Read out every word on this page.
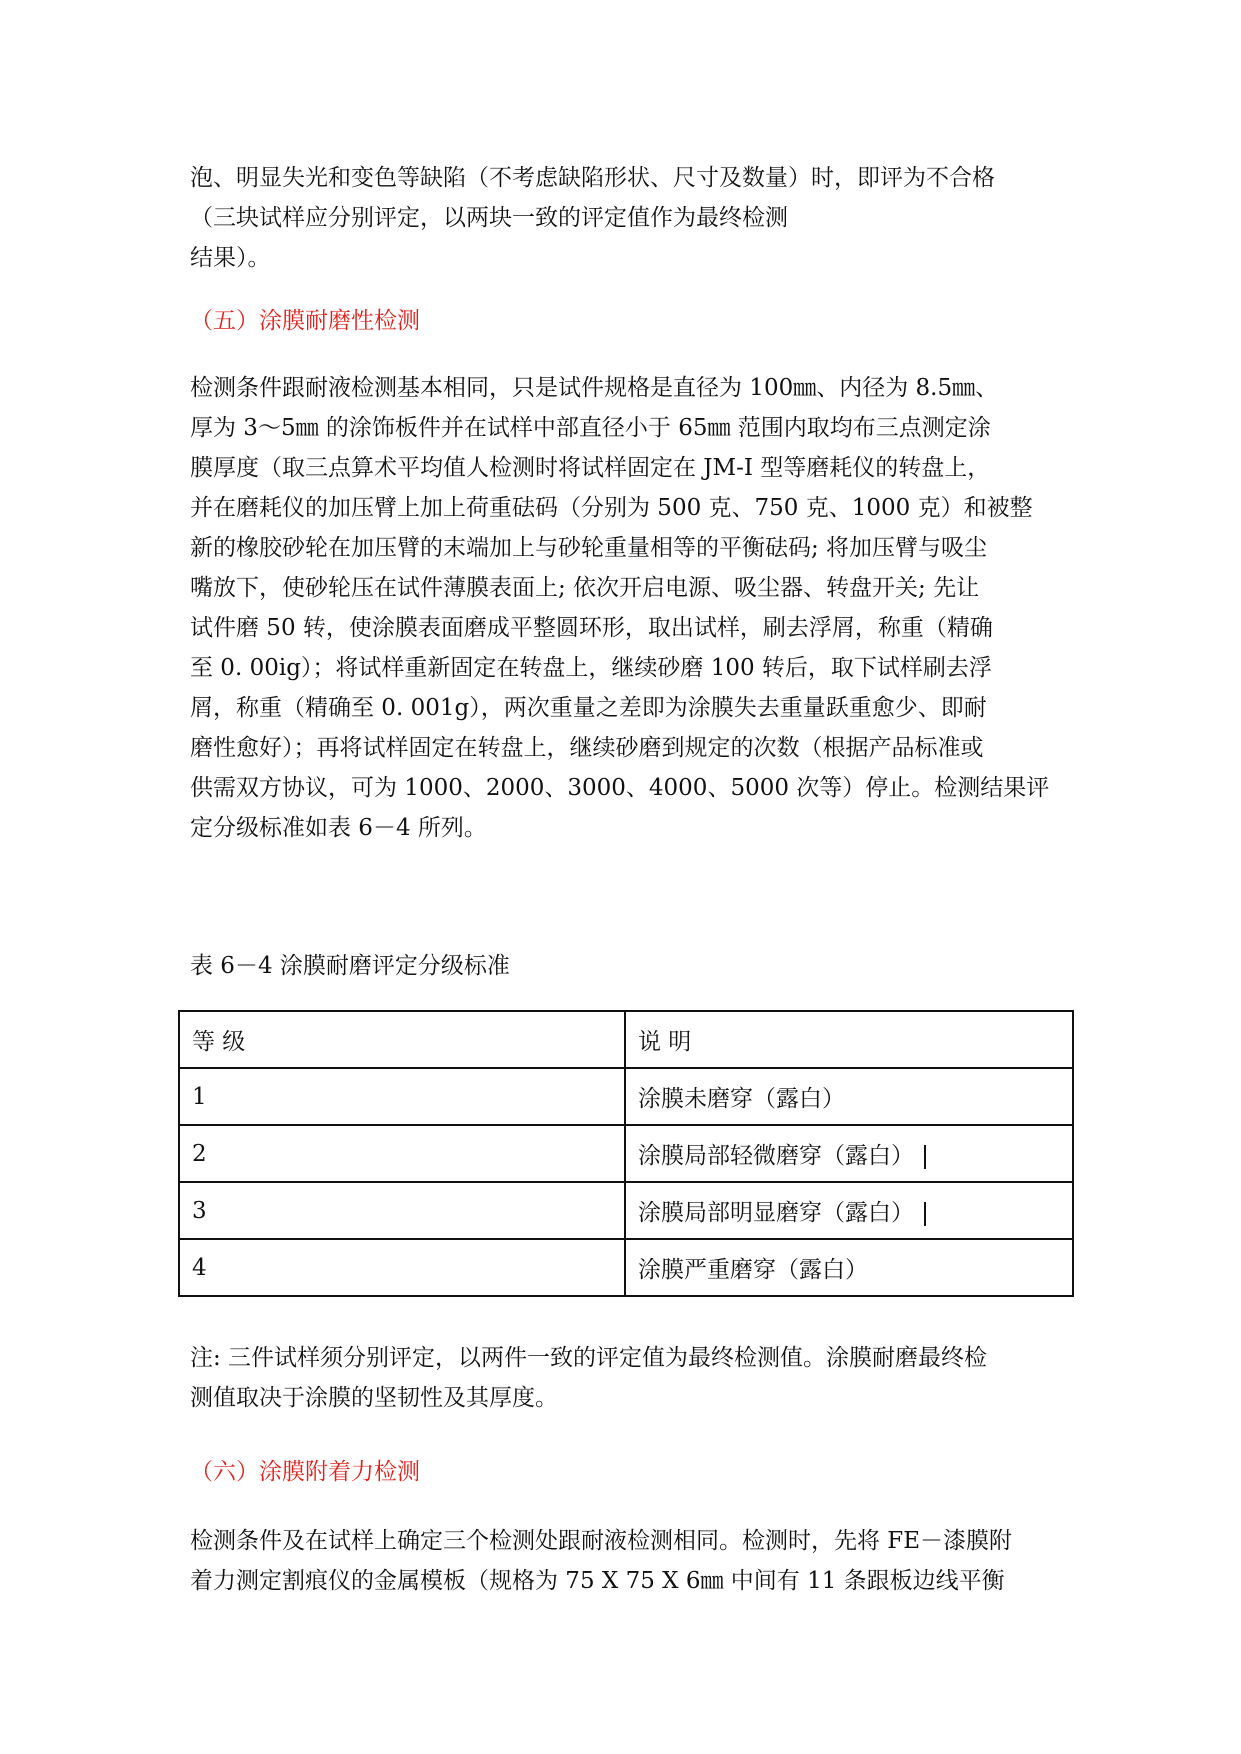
泡、明显失光和变色等缺陷（不考虑缺陷形状、尺寸及数量）时，即评为不合格
（三块试样应分别评定，以两块一致的评定值作为最终检测

结果）。

（五）涂膜耐磨性检测

检测条件跟耐液检测基本相同，只是试件规格是直径为 100㎜、内径为 8.5㎜、
厚为 3～5㎜ 的涂饰板件并在试样中部直径小于 65㎜ 范围内取均布三点测定涂
膜厚度（取三点算术平均值人检测时将试样固定在 JM-I 型等磨耗仪的转盘上，
并在磨耗仪的加压臂上加上荷重砝码（分别为 500 克、750 克、1000 克）和被整
新的橡胶砂轮在加压臂的末端加上与砂轮重量相等的平衡砝码; 将加压臂与吸尘
嘴放下，使砂轮压在试件薄膜表面上; 依次开启电源、吸尘器、转盘开关; 先让
试件磨 50 转，使涂膜表面磨成平整圆环形，取出试样，刷去浮屑，称重（精确
至 0. 00ig）；将试样重新固定在转盘上，继续砂磨 100 转后，取下试样刷去浮
屑，称重（精确至 0. 001g），两次重量之差即为涂膜失去重量跃重愈少、即耐
磨性愈好）；再将试样固定在转盘上，继续砂磨到规定的次数（根据产品标准或
供需双方协议，可为 1000、2000、3000、4000、5000 次等）停止。检测结果评
定分级标准如表 6－4 所列。

表 6－4 涂膜耐磨评定分级标准

等 级	说 明
1	涂膜未磨穿（露白）
2	涂膜局部轻微磨穿（露白）
3	涂膜局部明显磨穿（露白）
4	涂膜严重磨穿（露白）

注: 三件试样须分别评定，以两件一致的评定值为最终检测值。涂膜耐磨最终检
测值取决于涂膜的坚韧性及其厚度。

（六）涂膜附着力检测

检测条件及在试样上确定三个检测处跟耐液检测相同。检测时，先将 FE－漆膜附
着力测定割痕仪的金属模板（规格为 75 X 75 X 6㎜ 中间有 11 条跟板边线平衡
